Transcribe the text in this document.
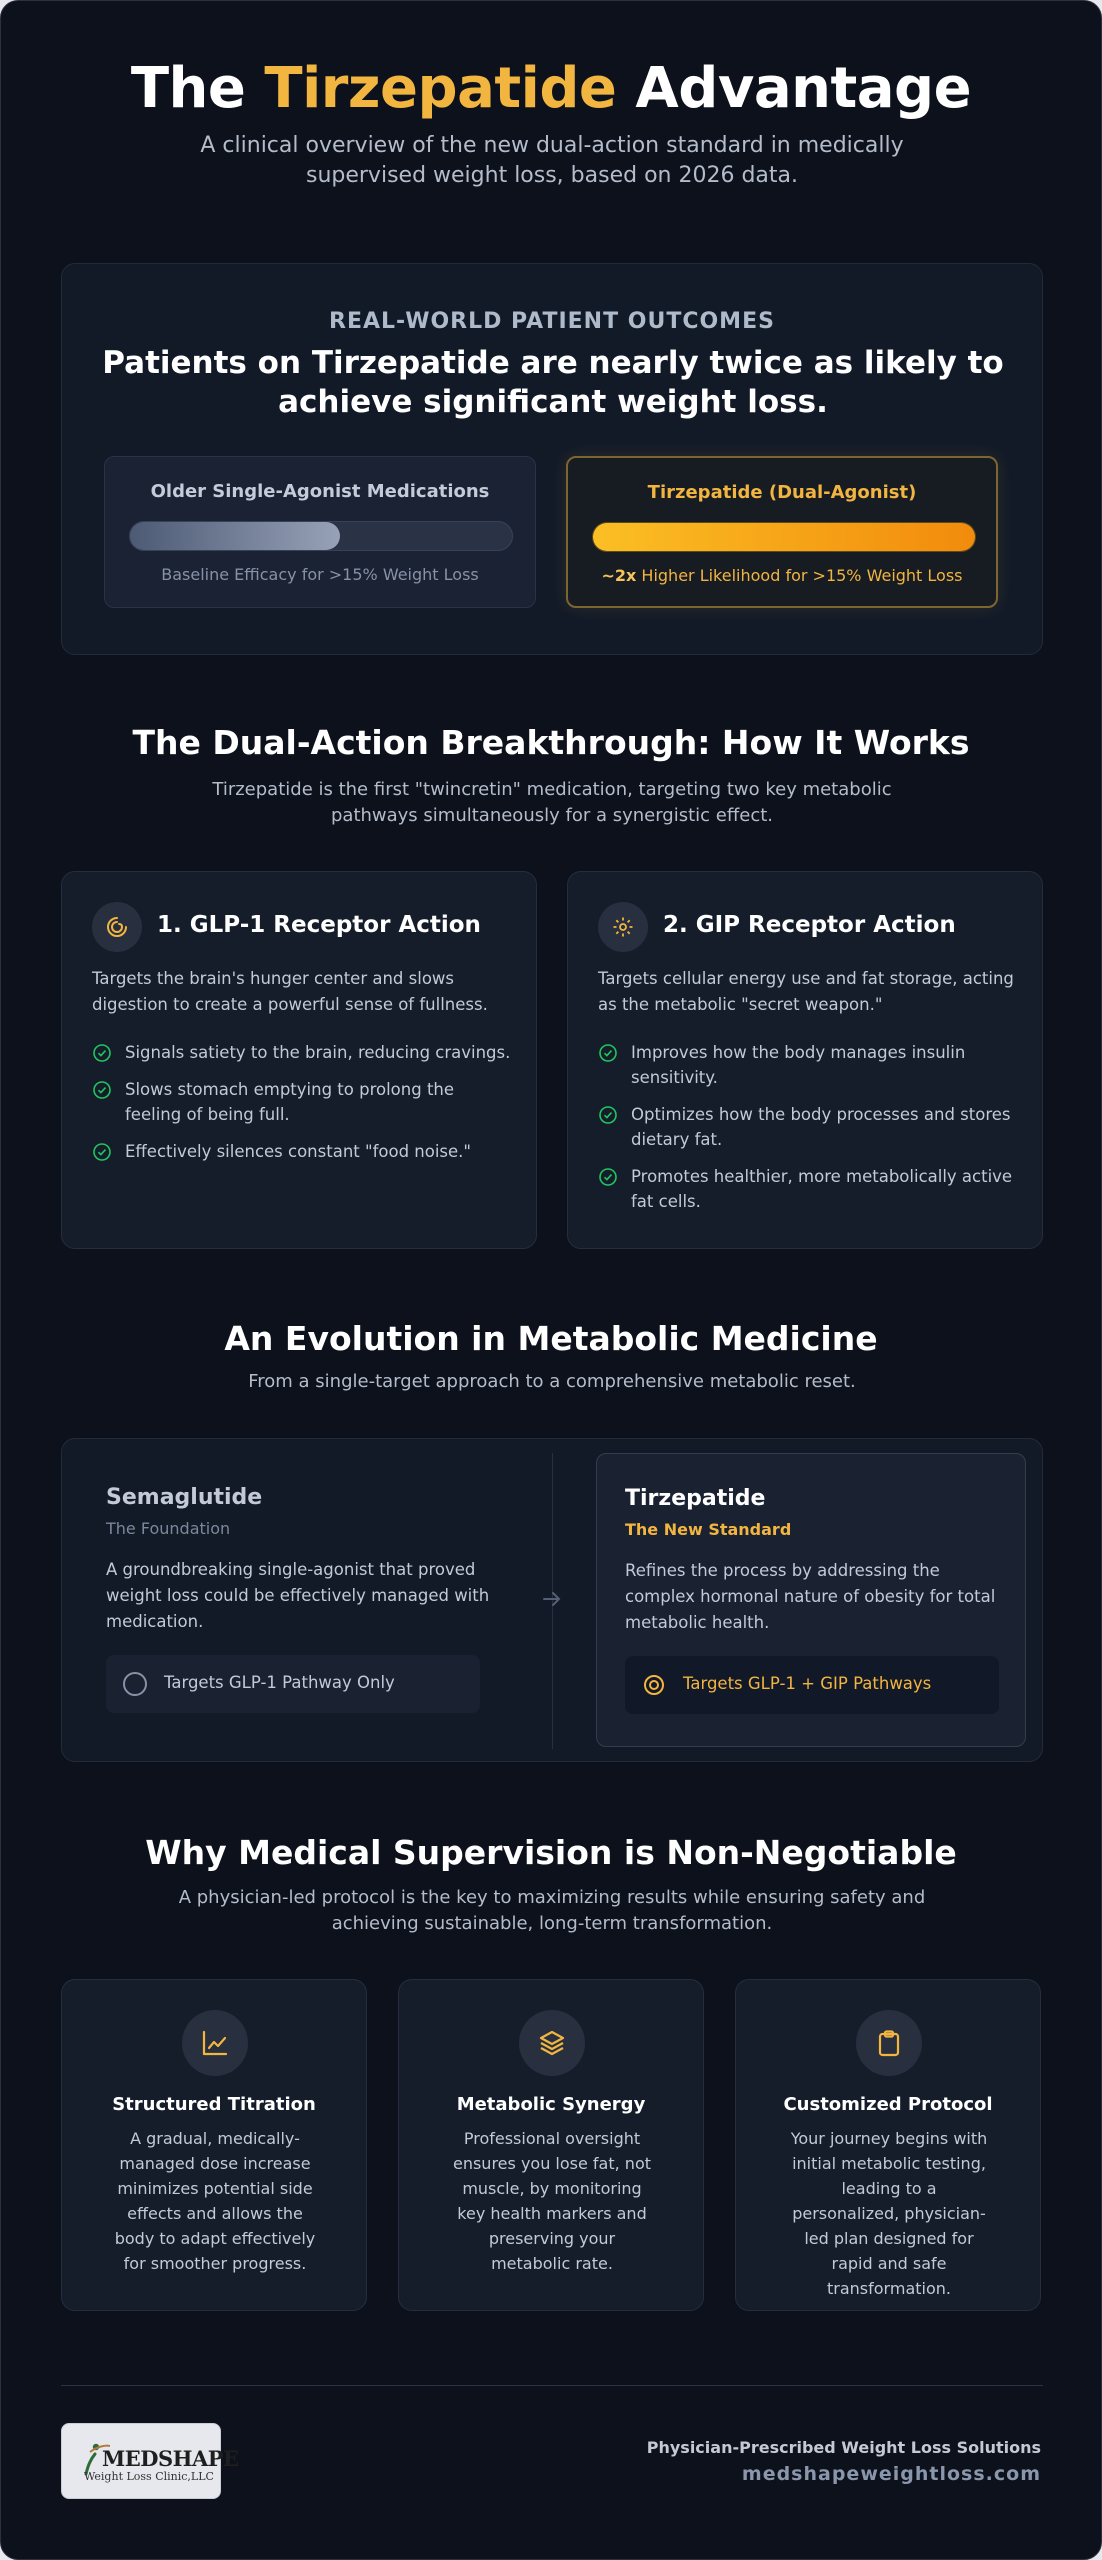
The Tirzepatide Advantage

A clinical overview of the new dual-action standard in medically supervised weight loss, based on 2026 data.

REAL-WORLD PATIENT OUTCOMES
Patients on Tirzepatide are nearly twice as likely to achieve significant weight loss.
Older Single-Agonist Medications
Baseline Efficacy for >15% Weight Loss
Tirzepatide (Dual-Agonist)
~2x Higher Likelihood for >15% Weight Loss
The Dual-Action Breakthrough: How It Works

Tirzepatide is the first "twincretin" medication, targeting two key metabolic pathways simultaneously for a synergistic effect.

1. GLP-1 Receptor Action

Targets the brain's hunger center and slows digestion to create a powerful sense of fullness.

Signals satiety to the brain, reducing cravings.
Slows stomach emptying to prolong the feeling of being full.
Effectively silences constant "food noise."
2. GIP Receptor Action

Targets cellular energy use and fat storage, acting as the metabolic "secret weapon."

Improves how the body manages insulin sensitivity.
Optimizes how the body processes and stores dietary fat.
Promotes healthier, more metabolically active fat cells.
An Evolution in Metabolic Medicine

From a single-target approach to a comprehensive metabolic reset.

Semaglutide
The Foundation

A groundbreaking single-agonist that proved weight loss could be effectively managed with medication.

Targets GLP-1 Pathway Only
Tirzepatide
The New Standard

Refines the process by addressing the complex hormonal nature of obesity for total metabolic health.

Targets GLP-1 + GIP Pathways
Why Medical Supervision is Non-Negotiable

A physician-led protocol is the key to maximizing results while ensuring safety and achieving sustainable, long-term transformation.

Structured Titration

A gradual, medically-managed dose increase minimizes potential side effects and allows the body to adapt effectively for smoother progress.

Metabolic Synergy

Professional oversight ensures you lose fat, not muscle, by monitoring key health markers and preserving your metabolic rate.

Customized Protocol

Your journey begins with initial metabolic testing, leading to a personalized, physician-led plan designed for rapid and safe transformation.

MEDSHAPE
Weight Loss Clinic,LLC
Physician-Prescribed Weight Loss Solutions
medshapeweightloss.com
